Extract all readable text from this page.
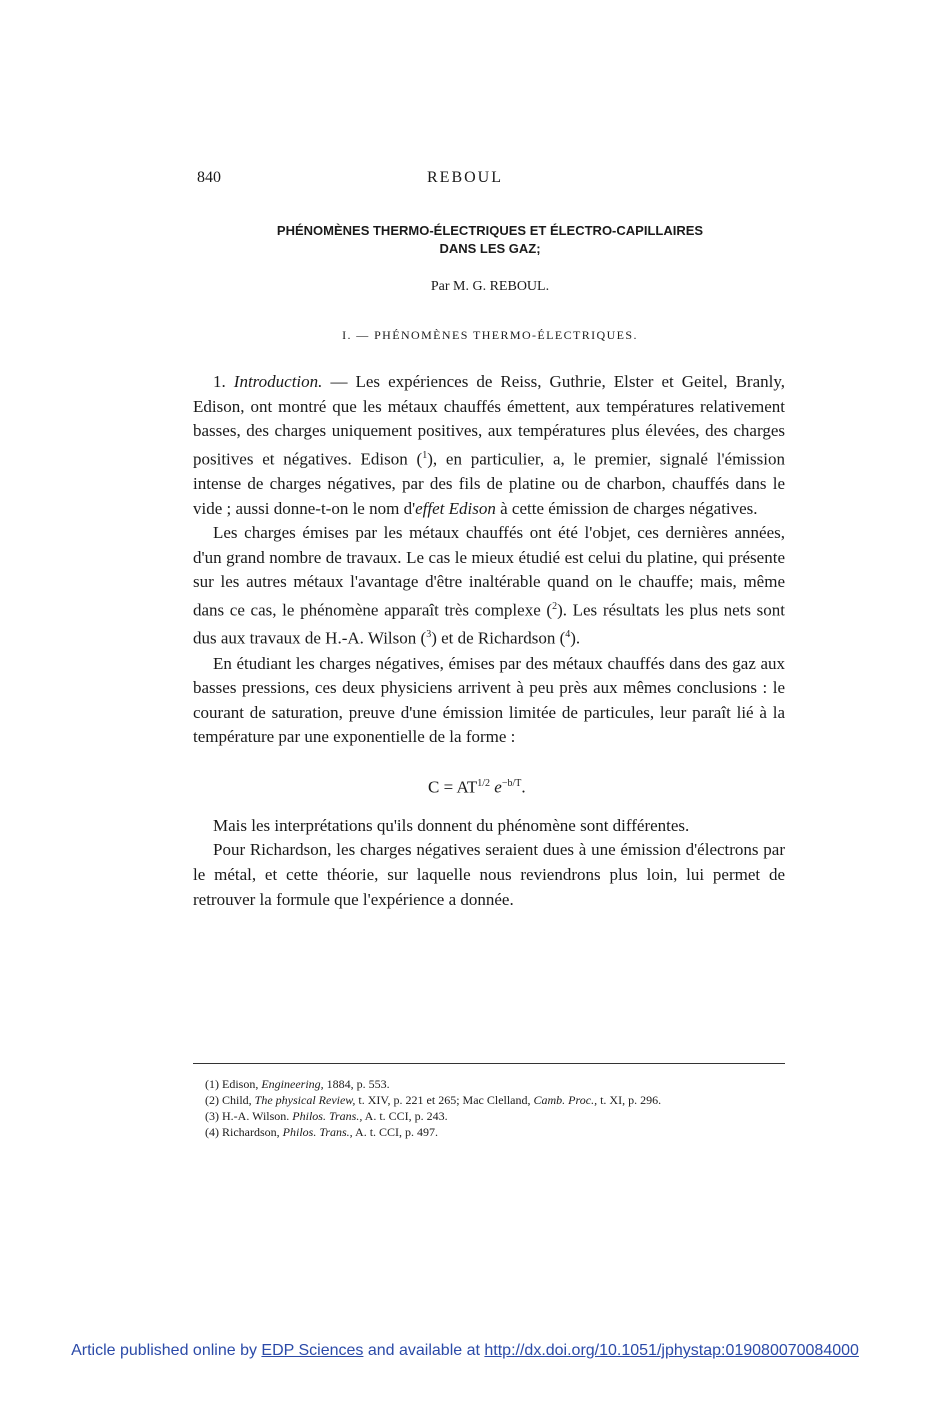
840	REBOUL
PHÉNOMÈNES THERMO-ÉLECTRIQUES ET ÉLECTRO-CAPILLAIRES
DANS LES GAZ;
Par M. G. REBOUL.
I. — PHÉNOMÈNES THERMO-ÉLECTRIQUES.

1. Introduction. — Les expériences de Reiss, Guthrie, Elster et Geitel, Branly, Edison, ont montré que les métaux chauffés émettent, aux températures relativement basses, des charges uniquement positives, aux températures plus élevées, des charges positives et négatives. Edison ($^1$), en particulier, a, le premier, signalé l'émission intense de charges négatives, par des fils de platine ou de charbon, chauffés dans le vide ; aussi donne-t-on le nom d'effet Edison à cette émission de charges négatives.

Les charges émises par les métaux chauffés ont été l'objet, ces dernières années, d'un grand nombre de travaux. Le cas le mieux étudié est celui du platine, qui présente sur les autres métaux l'avantage d'être inaltérable quand on le chauffe; mais, même dans ce cas, le phénomène apparaît très complexe ($^2$). Les résultats les plus nets sont dus aux travaux de H.-A. Wilson ($^3$) et de Richardson ($^4$).

En étudiant les charges négatives, émises par des métaux chauffés dans des gaz aux basses pressions, ces deux physiciens arrivent à peu près aux mêmes conclusions : le courant de saturation, preuve d'une émission limitée de particules, leur paraît lié à la température par une exponentielle de la forme :

$C = AT^{1/2}$ $e^{-b/T}$.

Mais les interprétations qu'ils donnent du phénomène sont différentes.

Pour Richardson, les charges négatives seraient dues à une émission d'électrons par le métal, et cette théorie, sur laquelle nous reviendrons plus loin, lui permet de retrouver la formule que l'expérience a donnée.

(1) Edison, Engineering, 1884, p. 553.
(2) Child, The physical Review, t. XIV, p. 221 et 265; Mac Clelland, Camb. Proc., t. XI, p. 296.
(3) H.-A. Wilson. Philos. Trans., A. t. CCI, p. 243.
(4) Richardson, Philos. Trans., A. t. CCI, p. 497.
Article published online by EDP Sciences and available at http://dx.doi.org/10.1051/jphystap:019080070084000
